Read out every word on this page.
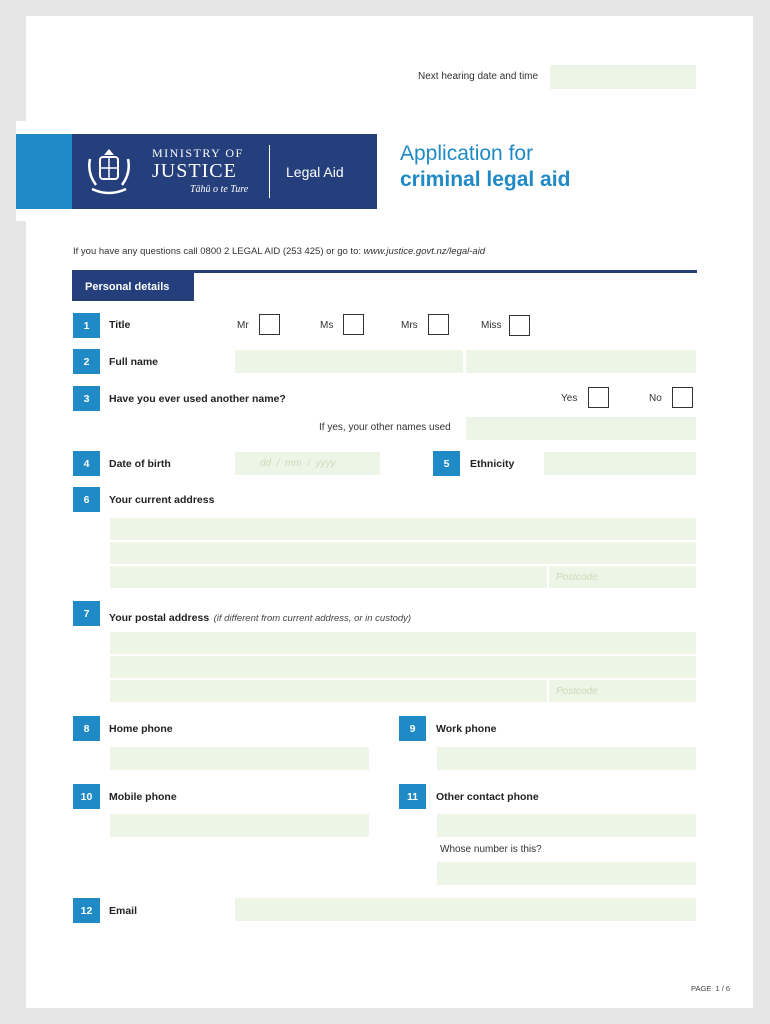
Next hearing date and time
MINISTRY OF
JUSTICE
Tāhū o te Ture
Legal Aid
Application for
criminal legal aid
If you have any questions call 0800 2 LEGAL AID (253 425) or go to: www.justice.govt.nz/legal-aid
Personal details
1	Title	Mr	Ms	Mrs	Miss
2	Full name
3	Have you ever used another name?	Yes	No
If yes, your other names used
4	Date of birth	dd  /  mm  /  yyyy	5	Ethnicity
6	Your current address
Postcode
7	Your postal address (if different from current address, or in custody)
Postcode
8	Home phone	9	Work phone
10	Mobile phone	11	Other contact phone
Whose number is this?
12	Email
PAGE  1 / 6
